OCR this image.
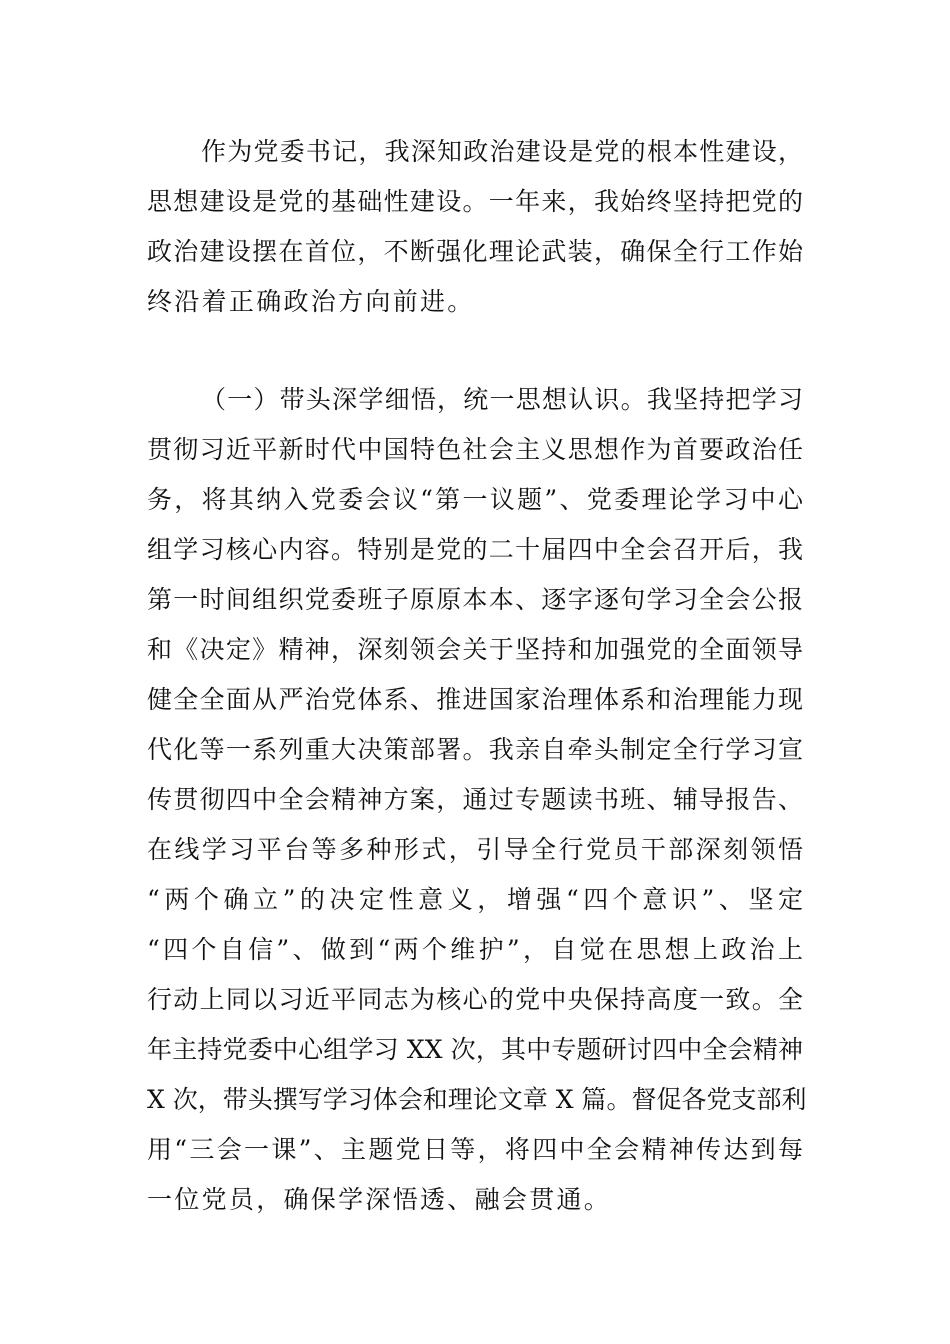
作为党委书记，我深知政治建设是党的根本性建设，
思想建设是党的基础性建设。一年来，我始终坚持把党的
政治建设摆在首位，不断强化理论武装，确保全行工作始
终沿着正确政治方向前进。
（一）带头深学细悟，统一思想认识。我坚持把学习
贯彻习近平新时代中国特色社会主义思想作为首要政治任
务，将其纳入党委会议“第一议题”、党委理论学习中心
组学习核心内容。特别是党的二十届四中全会召开后，我
第一时间组织党委班子原原本本、逐字逐句学习全会公报
和《决定》精神，深刻领会关于坚持和加强党的全面领导
健全全面从严治党体系、推进国家治理体系和治理能力现
代化等一系列重大决策部署。我亲自牵头制定全行学习宣
传贯彻四中全会精神方案，通过专题读书班、辅导报告、
在线学习平台等多种形式，引导全行党员干部深刻领悟
“两个确立”的决定性意义，增强“四个意识”、坚定
“四个自信”、做到“两个维护”，自觉在思想上政治上
行动上同以习近平同志为核心的党中央保持高度一致。全
年主持党委中心组学习 XX 次，其中专题研讨四中全会精神
X 次，带头撰写学习体会和理论文章 X 篇。督促各党支部利
用“三会一课”、主题党日等，将四中全会精神传达到每
一位党员，确保学深悟透、融会贯通。
